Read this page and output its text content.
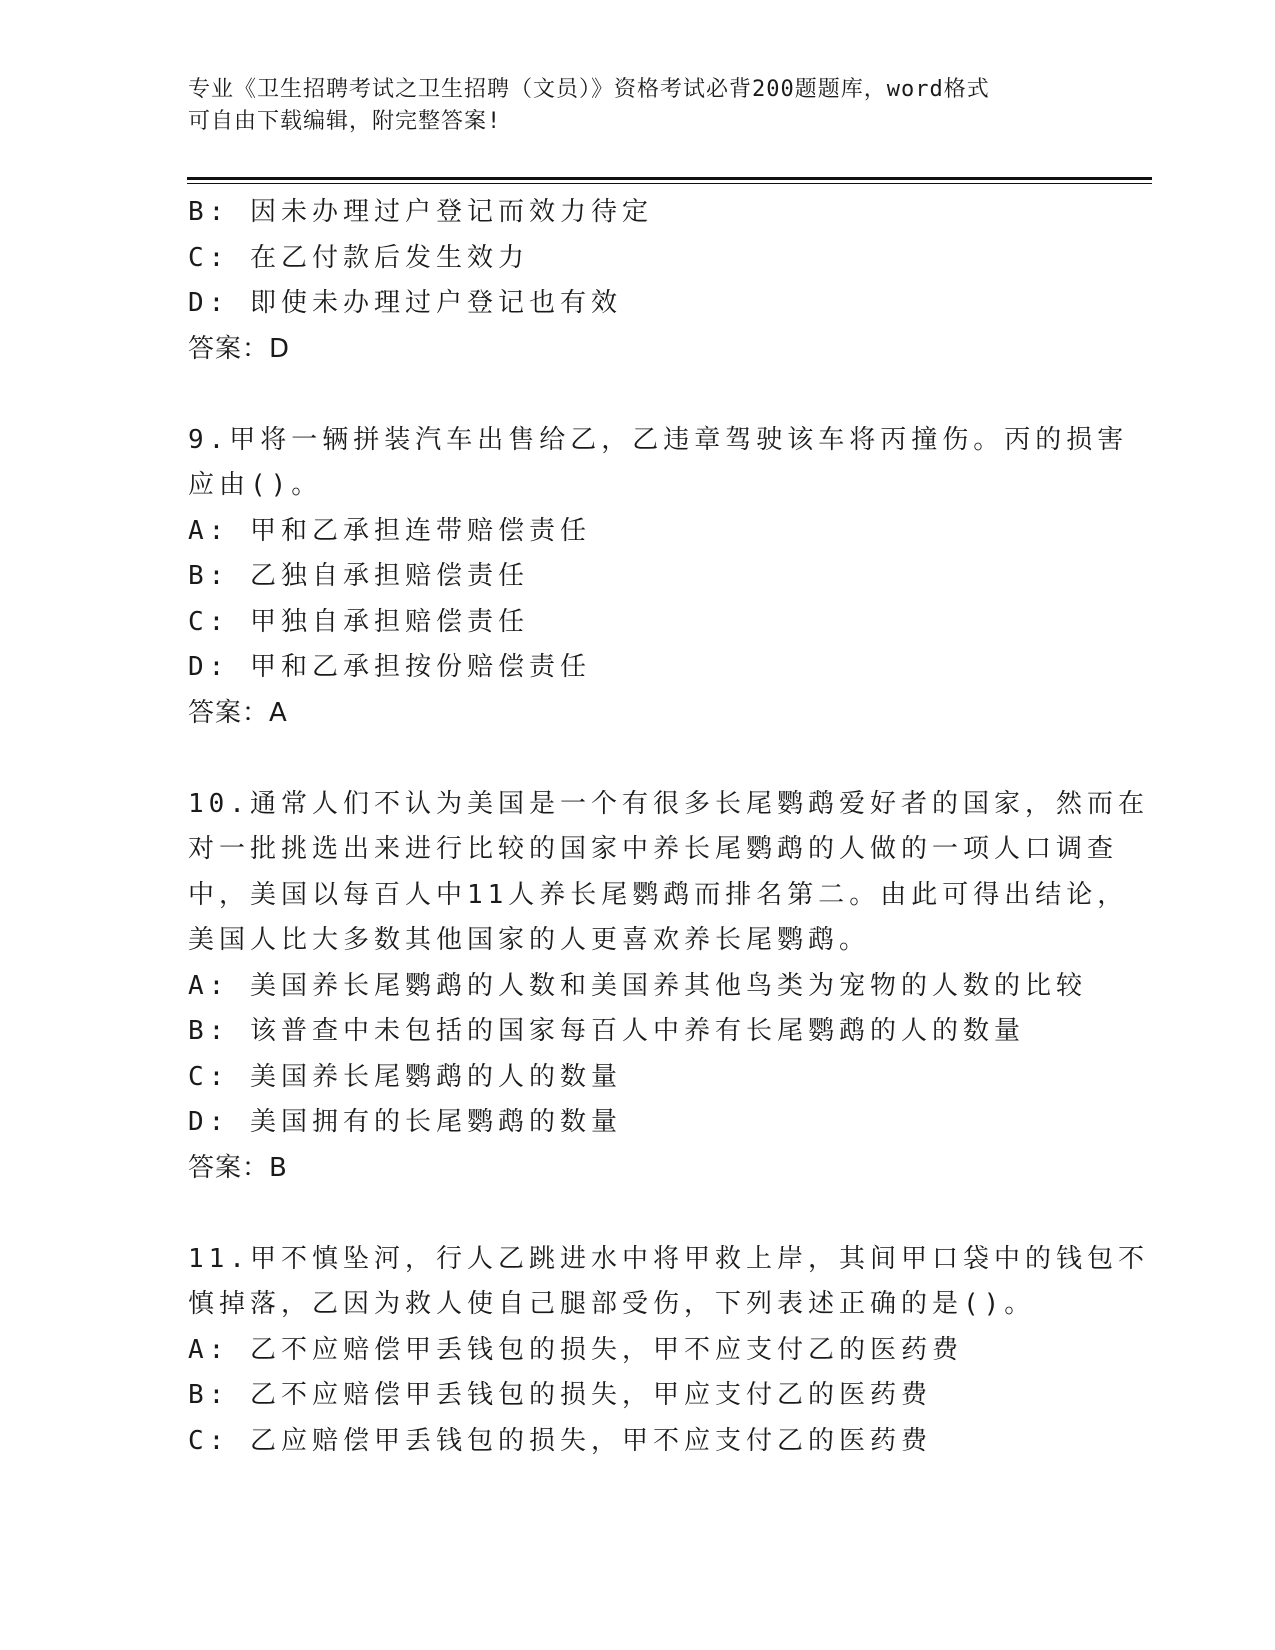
专业《卫生招聘考试之卫生招聘（文员）》资格考试必背200题题库，word格式
可自由下载编辑，附完整答案!
B: 因未办理过户登记而效力待定
C: 在乙付款后发生效力
D: 即使未办理过户登记也有效
答案：D
9.甲将一辆拼装汽车出售给乙，乙违章驾驶该车将丙撞伤。丙的损害
应由()。
A: 甲和乙承担连带赔偿责任
B: 乙独自承担赔偿责任
C: 甲独自承担赔偿责任
D: 甲和乙承担按份赔偿责任
答案：A
10.通常人们不认为美国是一个有很多长尾鹦鹉爱好者的国家，然而在
对一批挑选出来进行比较的国家中养长尾鹦鹉的人做的一项人口调查
中，美国以每百人中11人养长尾鹦鹉而排名第二。由此可得出结论，
美国人比大多数其他国家的人更喜欢养长尾鹦鹉。
A: 美国养长尾鹦鹉的人数和美国养其他鸟类为宠物的人数的比较
B: 该普查中未包括的国家每百人中养有长尾鹦鹉的人的数量
C: 美国养长尾鹦鹉的人的数量
D: 美国拥有的长尾鹦鹉的数量
答案：B
11.甲不慎坠河，行人乙跳进水中将甲救上岸，其间甲口袋中的钱包不
慎掉落，乙因为救人使自己腿部受伤，下列表述正确的是()。
A: 乙不应赔偿甲丢钱包的损失，甲不应支付乙的医药费
B: 乙不应赔偿甲丢钱包的损失，甲应支付乙的医药费
C: 乙应赔偿甲丢钱包的损失，甲不应支付乙的医药费
